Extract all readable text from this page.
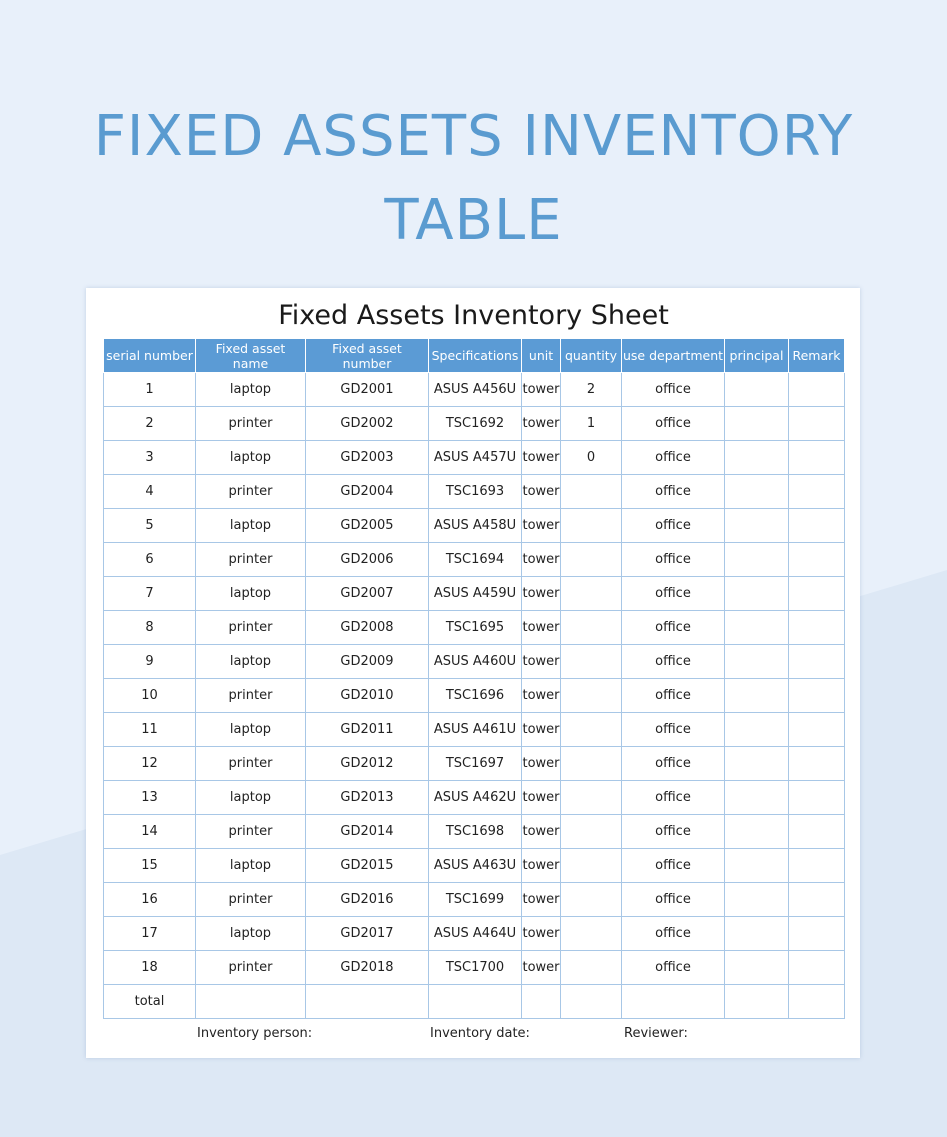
FIXED ASSETS INVENTORY
TABLE
Fixed Assets Inventory Sheet
serial number	Fixed asset name	Fixed asset number	Specifications	unit	quantity	use department	principal	Remark
1	laptop	GD2001	ASUS A456U	tower	2	office		
2	printer	GD2002	TSC1692	tower	1	office		
3	laptop	GD2003	ASUS A457U	tower	0	office		
4	printer	GD2004	TSC1693	tower		office		
5	laptop	GD2005	ASUS A458U	tower		office		
6	printer	GD2006	TSC1694	tower		office		
7	laptop	GD2007	ASUS A459U	tower		office		
8	printer	GD2008	TSC1695	tower		office		
9	laptop	GD2009	ASUS A460U	tower		office		
10	printer	GD2010	TSC1696	tower		office		
11	laptop	GD2011	ASUS A461U	tower		office		
12	printer	GD2012	TSC1697	tower		office		
13	laptop	GD2013	ASUS A462U	tower		office		
14	printer	GD2014	TSC1698	tower		office		
15	laptop	GD2015	ASUS A463U	tower		office		
16	printer	GD2016	TSC1699	tower		office		
17	laptop	GD2017	ASUS A464U	tower		office		
18	printer	GD2018	TSC1700	tower		office		
total								
Inventory person:	Inventory date:	Reviewer:
